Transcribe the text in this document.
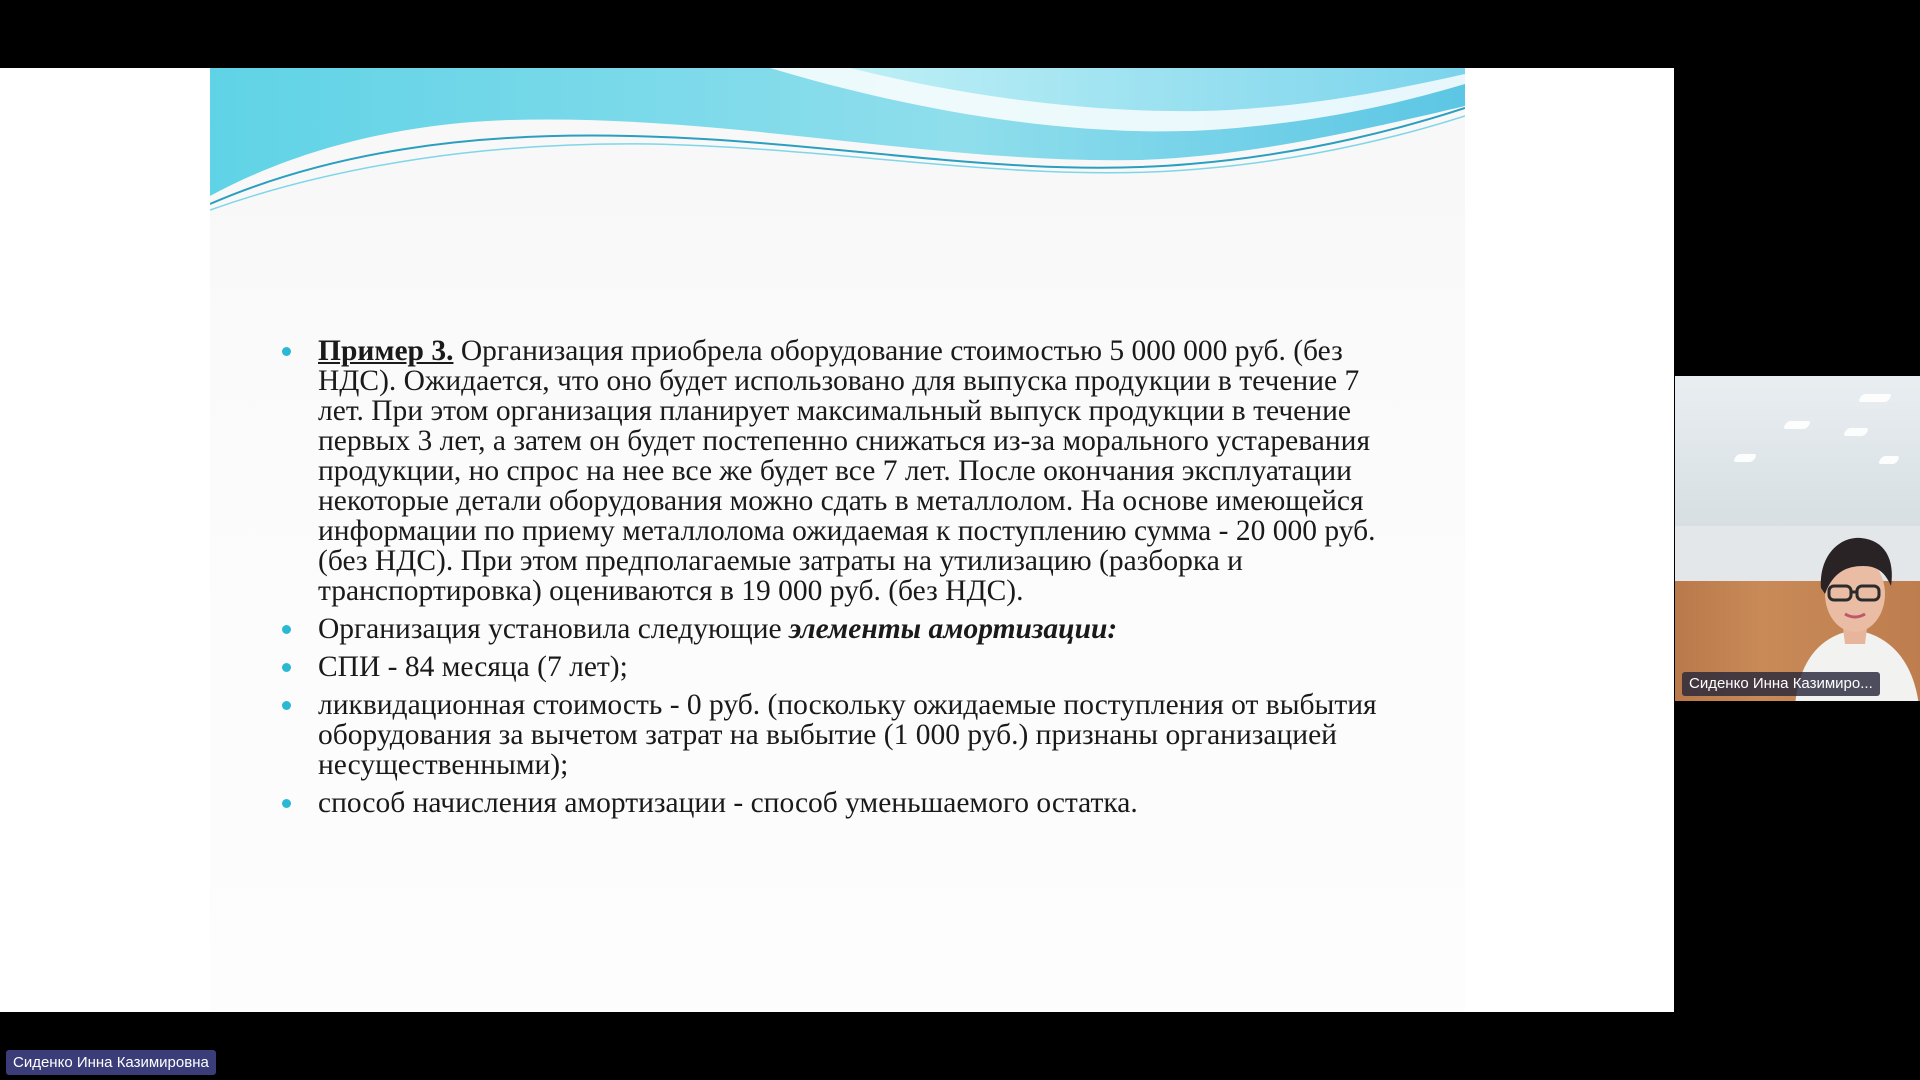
Пример 3. Организация приобрела оборудование стоимостью 5 000 000 руб. (без НДС). Ожидается, что оно будет использовано для выпуска продукции в течение 7 лет. При этом организация планирует максимальный выпуск продукции в течение первых 3 лет, а затем он будет постепенно снижаться из-за морального устаревания продукции, но спрос на нее все же будет все 7 лет. После окончания эксплуатации некоторые детали оборудования можно сдать в металлолом. На основе имеющейся информации по приему металлолома ожидаемая к поступлению сумма - 20 000 руб. (без НДС). При этом предполагаемые затраты на утилизацию (разборка и транспортировка) оцениваются в 19 000 руб. (без НДС).
Организация установила следующие элементы амортизации:
СПИ - 84 месяца (7 лет);
ликвидационная стоимость - 0 руб. (поскольку ожидаемые поступления от выбытия оборудования за вычетом затрат на выбытие (1 000 руб.) признаны организацией несущественными);
способ начисления амортизации - способ уменьшаемого остатка.
Сиденко Инна Казимиро...
Сиденко Инна Казимировна
